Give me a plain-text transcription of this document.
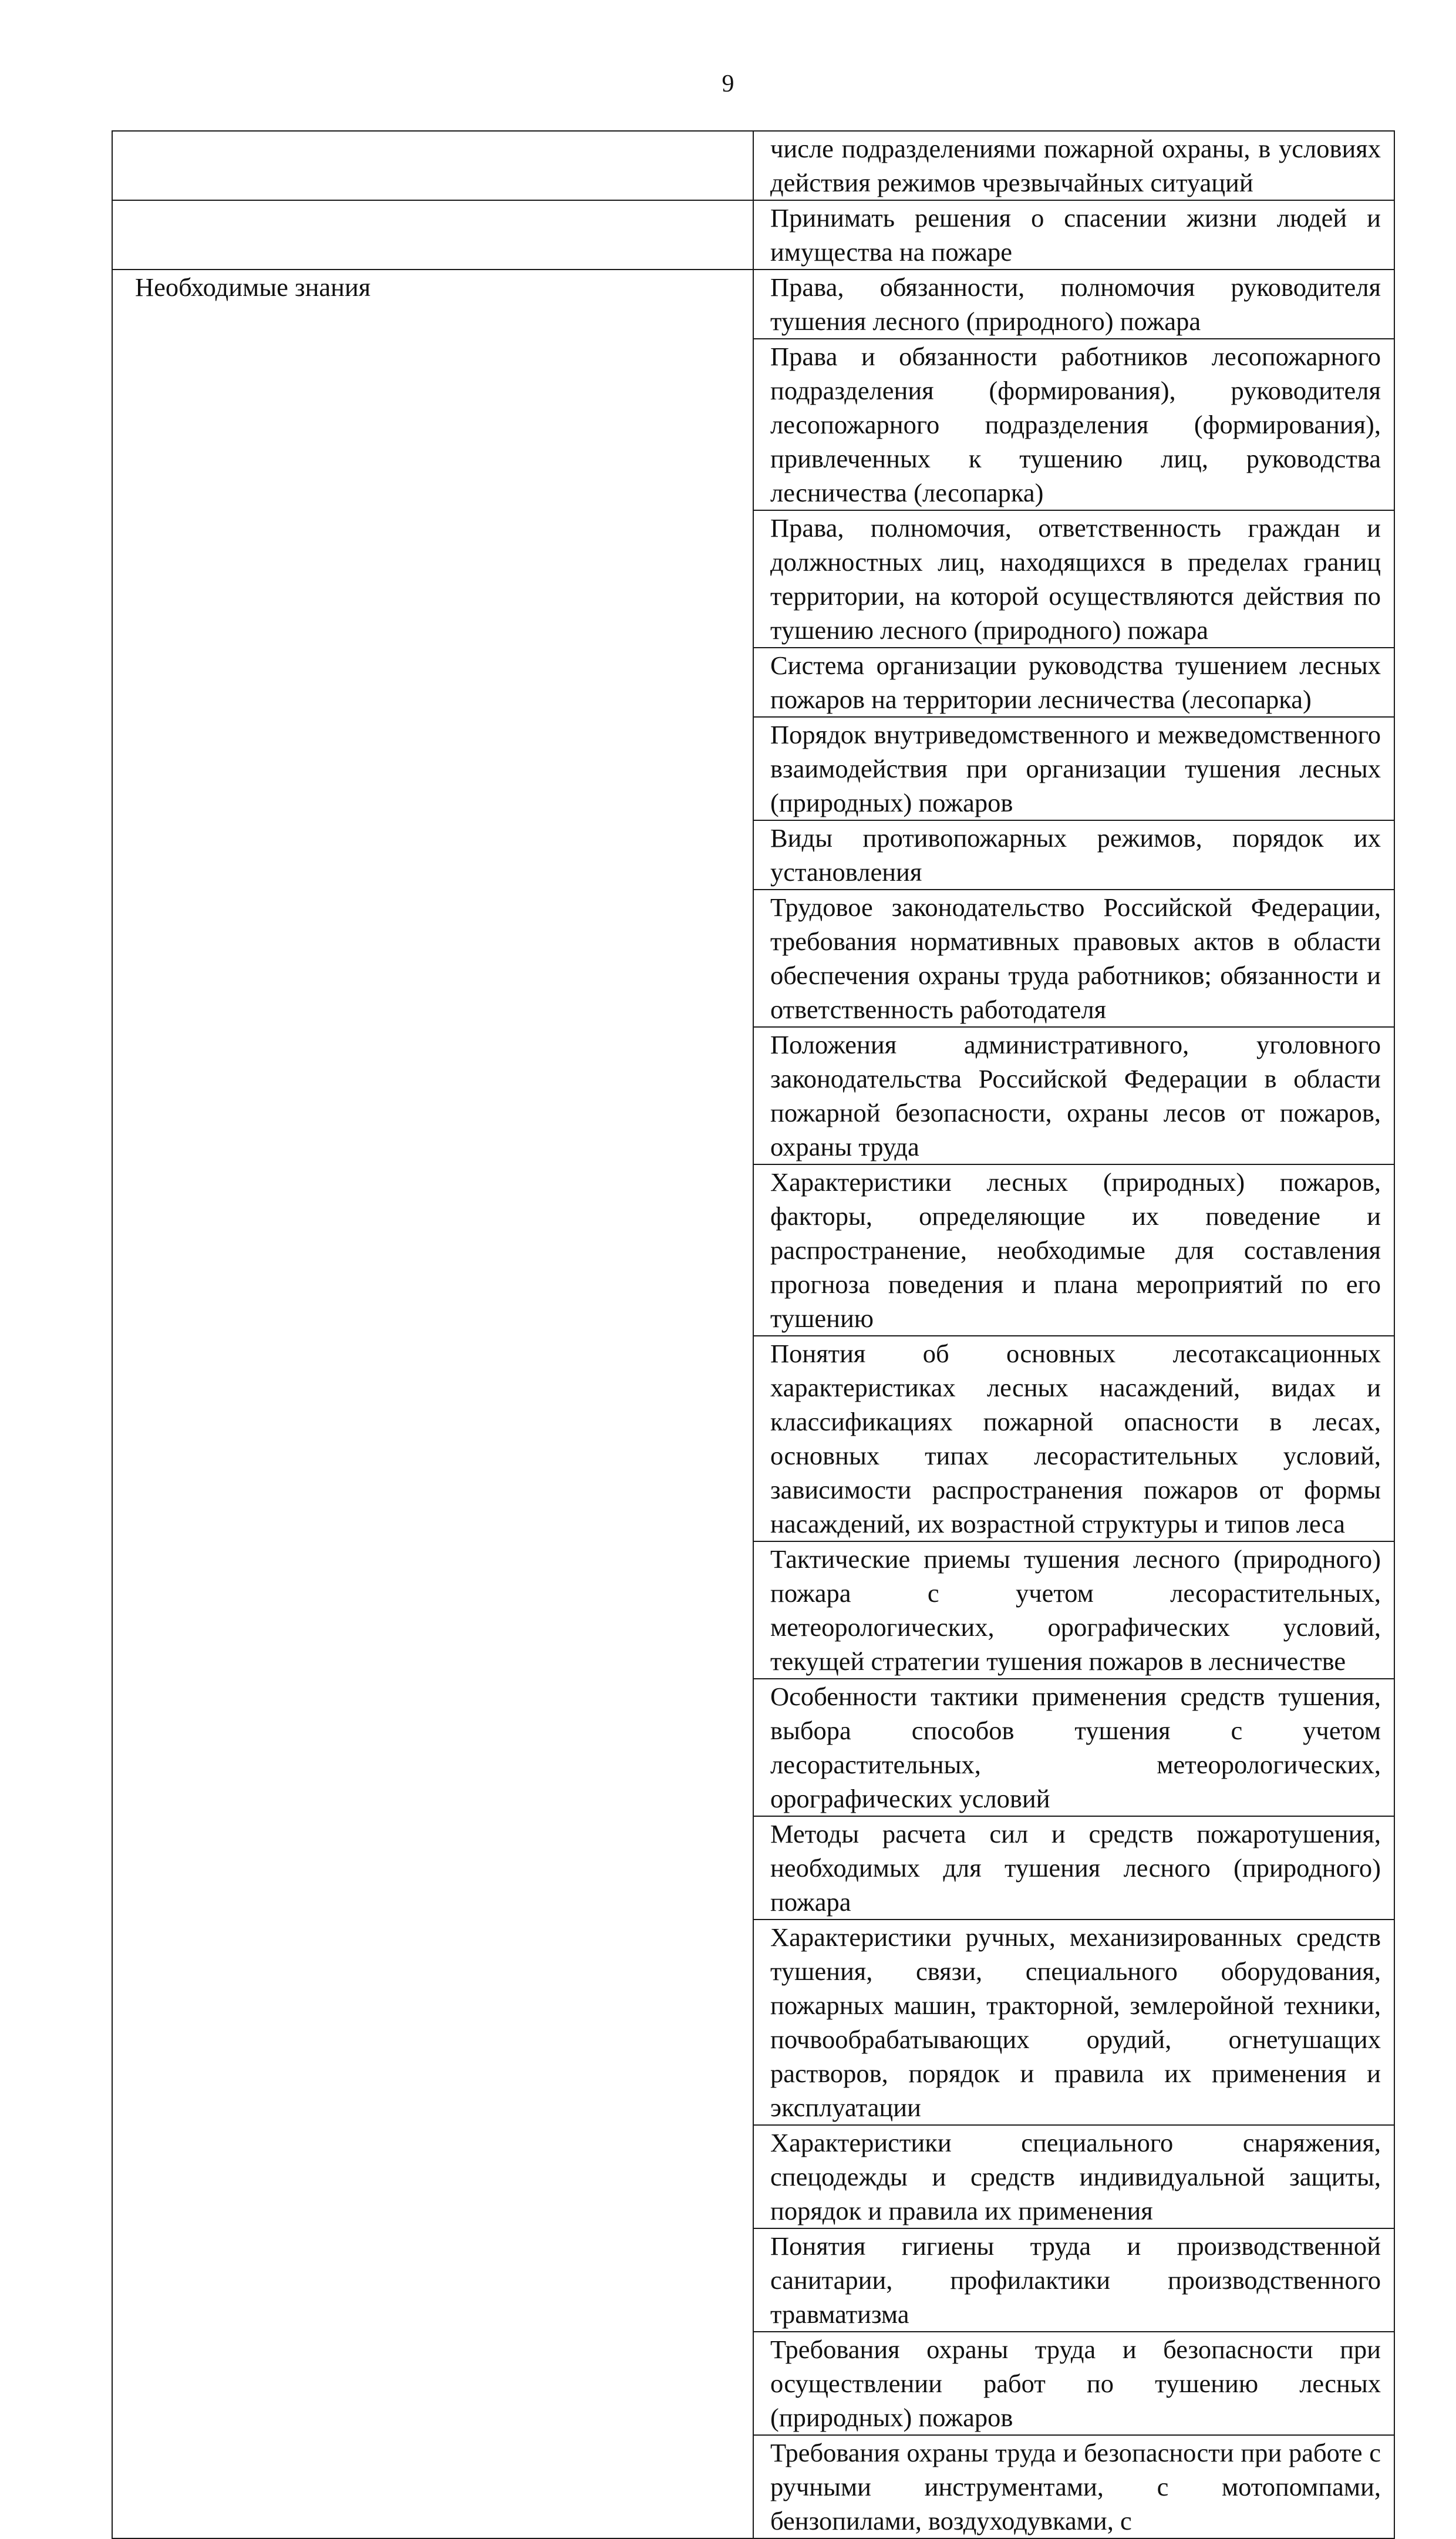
9
	числе подразделениями пожарной охраны, в условиях действия режимов чрезвычайных ситуаций
	Принимать решения о спасении жизни людей и имущества на пожаре
Необходимые знания	Права, обязанности, полномочия руководителя тушения лесного (природного) пожара
	Права и обязанности работников лесопожарного подразделения (формирования), руководителя лесопожарного подразделения (формирования), привлеченных к тушению лиц, руководства лесничества (лесопарка)
	Права, полномочия, ответственность граждан и должностных лиц, находящихся в пределах границ территории, на которой осуществляются действия по тушению лесного (природного) пожара
	Система организации руководства тушением лесных пожаров на территории лесничества (лесопарка)
	Порядок внутриведомственного и межведомственного взаимодействия при организации тушения лесных (природных) пожаров
	Виды противопожарных режимов, порядок их установления
	Трудовое законодательство Российской Федерации, требования нормативных правовых актов в области обеспечения охраны труда работников; обязанности и ответственность работодателя
	Положения административного, уголовного законодательства Российской Федерации в области пожарной безопасности, охраны лесов от пожаров, охраны труда
	Характеристики лесных (природных) пожаров, факторы, определяющие их поведение и распространение, необходимые для составления прогноза поведения и плана мероприятий по его тушению
	Понятия об основных лесотаксационных характеристиках лесных насаждений, видах и классификациях пожарной опасности в лесах, основных типах лесорастительных условий, зависимости распространения пожаров от формы насаждений, их возрастной структуры и типов леса
	Тактические приемы тушения лесного (природного) пожара с учетом лесорастительных, метеорологических, орографических условий, текущей стратегии тушения пожаров в лесничестве
	Особенности тактики применения средств тушения, выбора способов тушения с учетом лесорастительных, метеорологических, орографических условий
	Методы расчета сил и средств пожаротушения, необходимых для тушения лесного (природного) пожара
	Характеристики ручных, механизированных средств тушения, связи, специального оборудования, пожарных машин, тракторной, землеройной техники, почвообрабатывающих орудий, огнетушащих растворов, порядок и правила их применения и эксплуатации
	Характеристики специального снаряжения, спецодежды и средств индивидуальной защиты, порядок и правила их применения
	Понятия гигиены труда и производственной санитарии, профилактики производственного травматизма
	Требования охраны труда и безопасности при осуществлении работ по тушению лесных (природных) пожаров
	Требования охраны труда и безопасности при работе с ручными инструментами, с мотопомпами, бензопилами, воздуходувками, с
